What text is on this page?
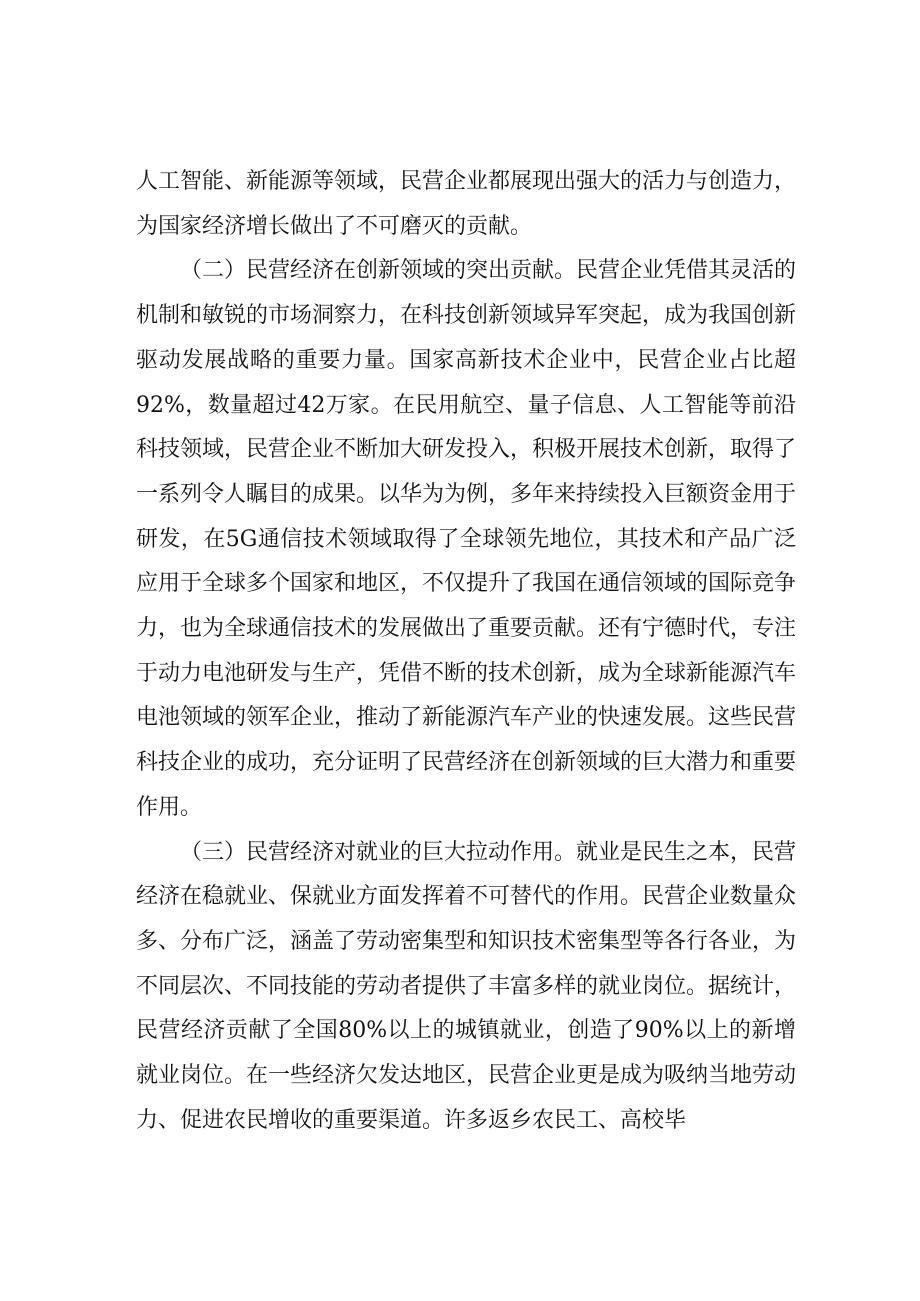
人工智能、新能源等领域，民营企业都展现出强大的活力与创造力，为国家经济增长做出了不可磨灭的贡献。

（二）民营经济在创新领域的突出贡献。民营企业凭借其灵活的机制和敏锐的市场洞察力，在科技创新领域异军突起，成为我国创新驱动发展战略的重要力量。国家高新技术企业中，民营企业占比超92%，数量超过42万家。在民用航空、量子信息、人工智能等前沿科技领域，民营企业不断加大研发投入，积极开展技术创新，取得了一系列令人瞩目的成果。以华为为例，多年来持续投入巨额资金用于研发，在5G通信技术领域取得了全球领先地位，其技术和产品广泛应用于全球多个国家和地区，不仅提升了我国在通信领域的国际竞争力，也为全球通信技术的发展做出了重要贡献。还有宁德时代，专注于动力电池研发与生产，凭借不断的技术创新，成为全球新能源汽车电池领域的领军企业，推动了新能源汽车产业的快速发展。这些民营科技企业的成功，充分证明了民营经济在创新领域的巨大潜力和重要作用。

（三）民营经济对就业的巨大拉动作用。就业是民生之本，民营经济在稳就业、保就业方面发挥着不可替代的作用。民营企业数量众多、分布广泛，涵盖了劳动密集型和知识技术密集型等各行各业，为不同层次、不同技能的劳动者提供了丰富多样的就业岗位。据统计，民营经济贡献了全国80%以上的城镇就业，创造了90%以上的新增就业岗位。在一些经济欠发达地区，民营企业更是成为吸纳当地劳动力、促进农民增收的重要渠道。许多返乡农民工、高校毕
